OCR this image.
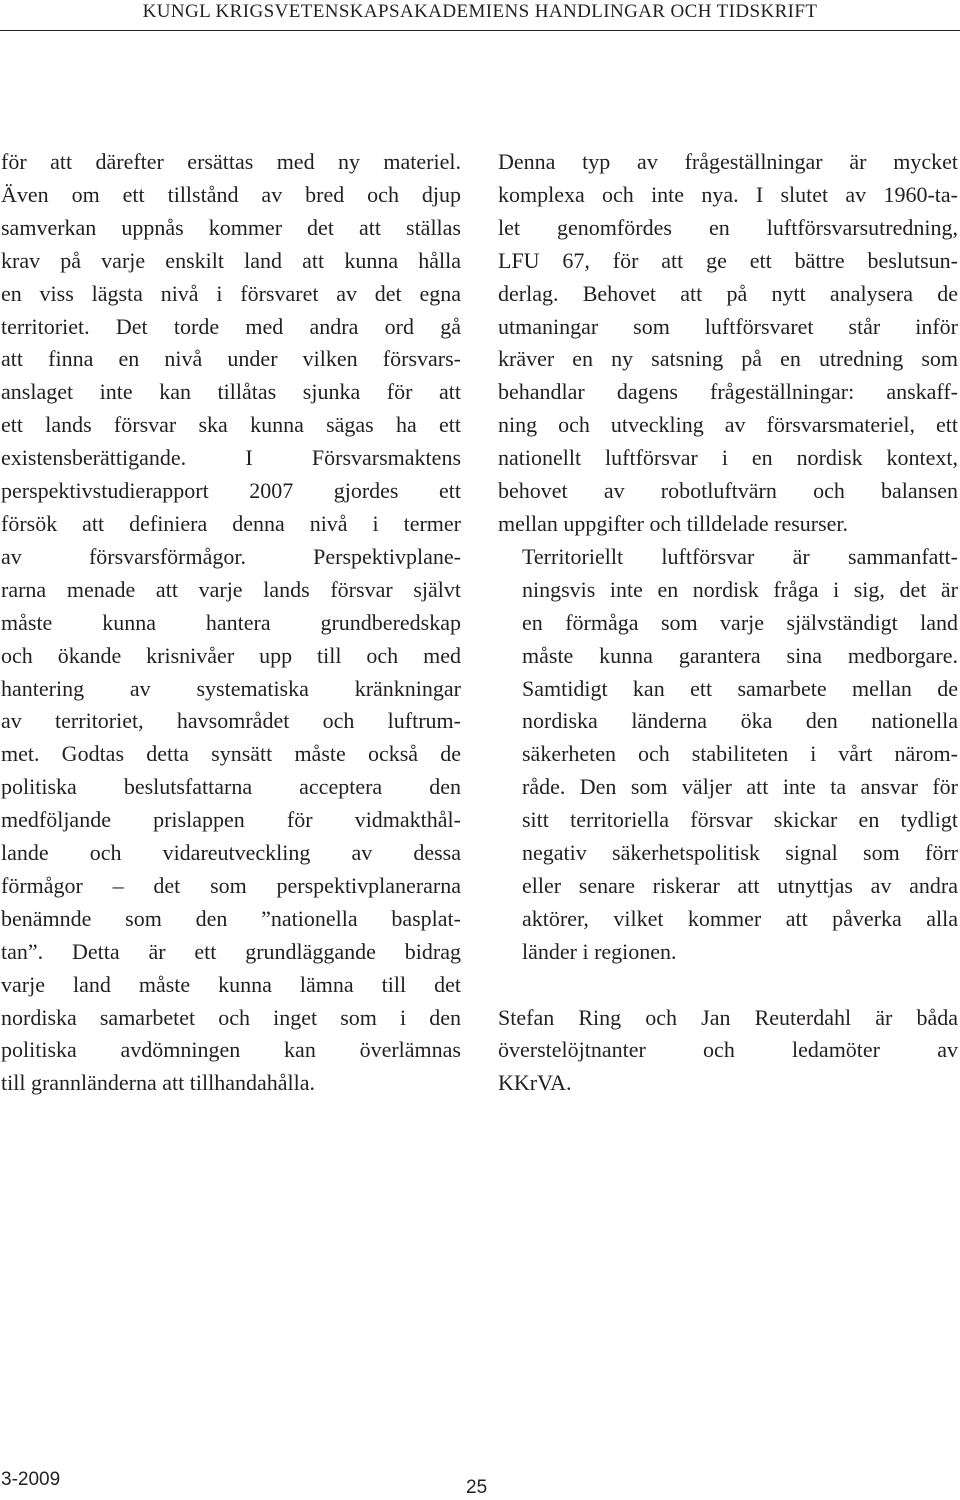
KUNGL KRIGSVETENSKAPSAKADEMIENS HANDLINGAR OCH TIDSKRIFT

för att därefter ersättas med ny materiel.
Även om ett tillstånd av bred och djup
samverkan uppnås kommer det att ställas
krav på varje enskilt land att kunna hålla
en viss lägsta nivå i försvaret av det egna
territoriet. Det torde med andra ord gå
att finna en nivå under vilken försvars-
anslaget inte kan tillåtas sjunka för att
ett lands försvar ska kunna sägas ha ett
existensberättigande. I Försvarsmaktens
perspektivstudierapport 2007 gjordes ett
försök att definiera denna nivå i termer
av försvarsförmågor. Perspektivplane-
rarna menade att varje lands försvar självt
måste kunna hantera grundberedskap
och ökande krisnivåer upp till och med
hantering av systematiska kränkningar
av territoriet, havsområdet och luftrum-
met. Godtas detta synsätt måste också de
politiska beslutsfattarna acceptera den
medföljande prislappen för vidmakthål-
lande och vidareutveckling av dessa
förmågor – det som perspektivplanerarna
benämnde som den ”nationella basplat-
tan”. Detta är ett grundläggande bidrag
varje land måste kunna lämna till det
nordiska samarbetet och inget som i den
politiska avdömningen kan överlämnas
till grannländerna att tillhandahålla.

Denna typ av frågeställningar är mycket
komplexa och inte nya. I slutet av 1960-ta-
let genomfördes en luftförsvarsutredning,
LFU 67, för att ge ett bättre beslutsun-
derlag. Behovet att på nytt analysera de
utmaningar som luftförsvaret står inför
kräver en ny satsning på en utredning som
behandlar dagens frågeställningar: anskaff-
ning och utveckling av försvarsmateriel, ett
nationellt luftförsvar i en nordisk kontext,
behovet av robotluftvärn och balansen
mellan uppgifter och tilldelade resurser.

Territoriellt luftförsvar är sammanfatt-
ningsvis inte en nordisk fråga i sig, det är
en förmåga som varje självständigt land
måste kunna garantera sina medborgare.
Samtidigt kan ett samarbete mellan de
nordiska länderna öka den nationella
säkerheten och stabiliteten i vårt närom-
råde. Den som väljer att inte ta ansvar för
sitt territoriella försvar skickar en tydligt
negativ säkerhetspolitisk signal som förr
eller senare riskerar att utnyttjas av andra
aktörer, vilket kommer att påverka alla
länder i regionen.

Stefan Ring och Jan Reuterdahl är båda
överstelöjtnanter och ledamöter av
KKrVA.

3-2009	25
